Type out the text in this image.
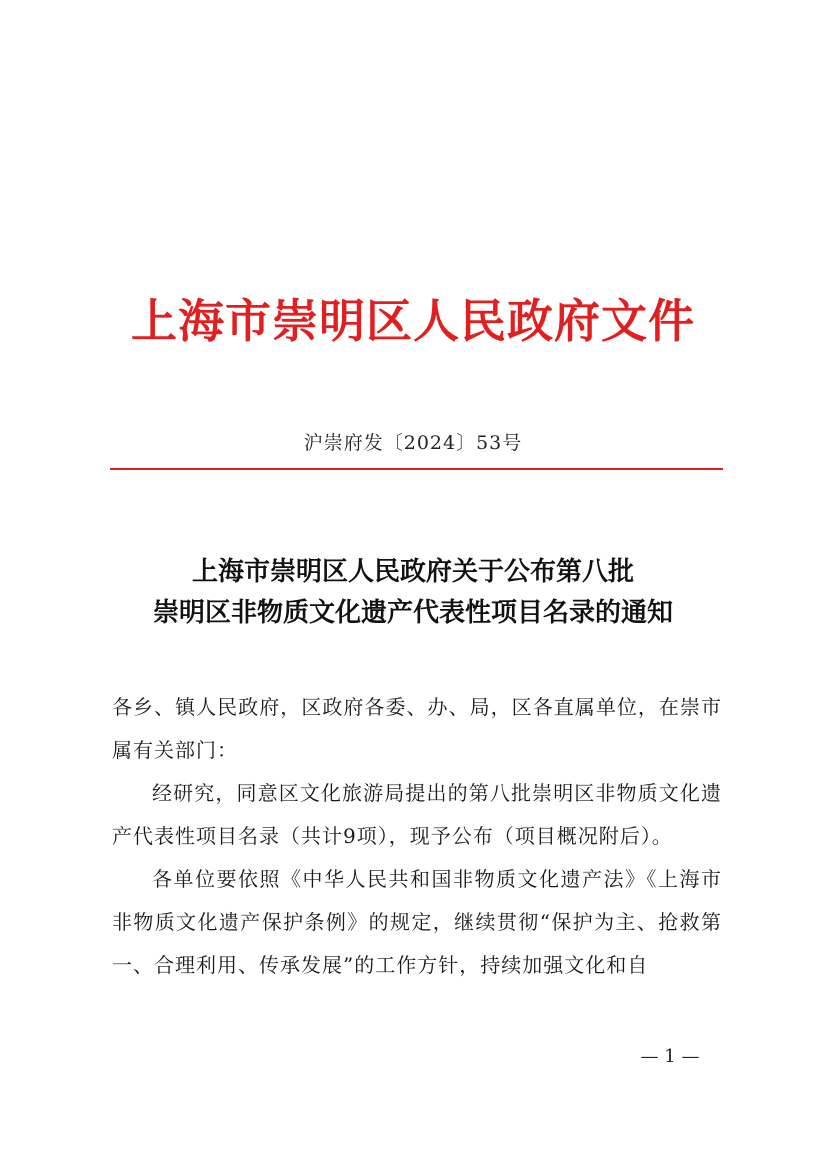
上海市崇明区人民政府文件
沪崇府发〔2024〕53号
上海市崇明区人民政府关于公布第八批
崇明区非物质文化遗产代表性项目名录的通知

各乡、镇人民政府，区政府各委、办、局，区各直属单位，在崇市属有关部门：

经研究，同意区文化旅游局提出的第八批崇明区非物质文化遗产代表性项目名录（共计9项），现予公布（项目概况附后）。

各单位要依照《中华人民共和国非物质文化遗产法》《上海市非物质文化遗产保护条例》的规定，继续贯彻“保护为主、抢救第一、合理利用、传承发展”的工作方针，持续加强文化和自

— 1 —
